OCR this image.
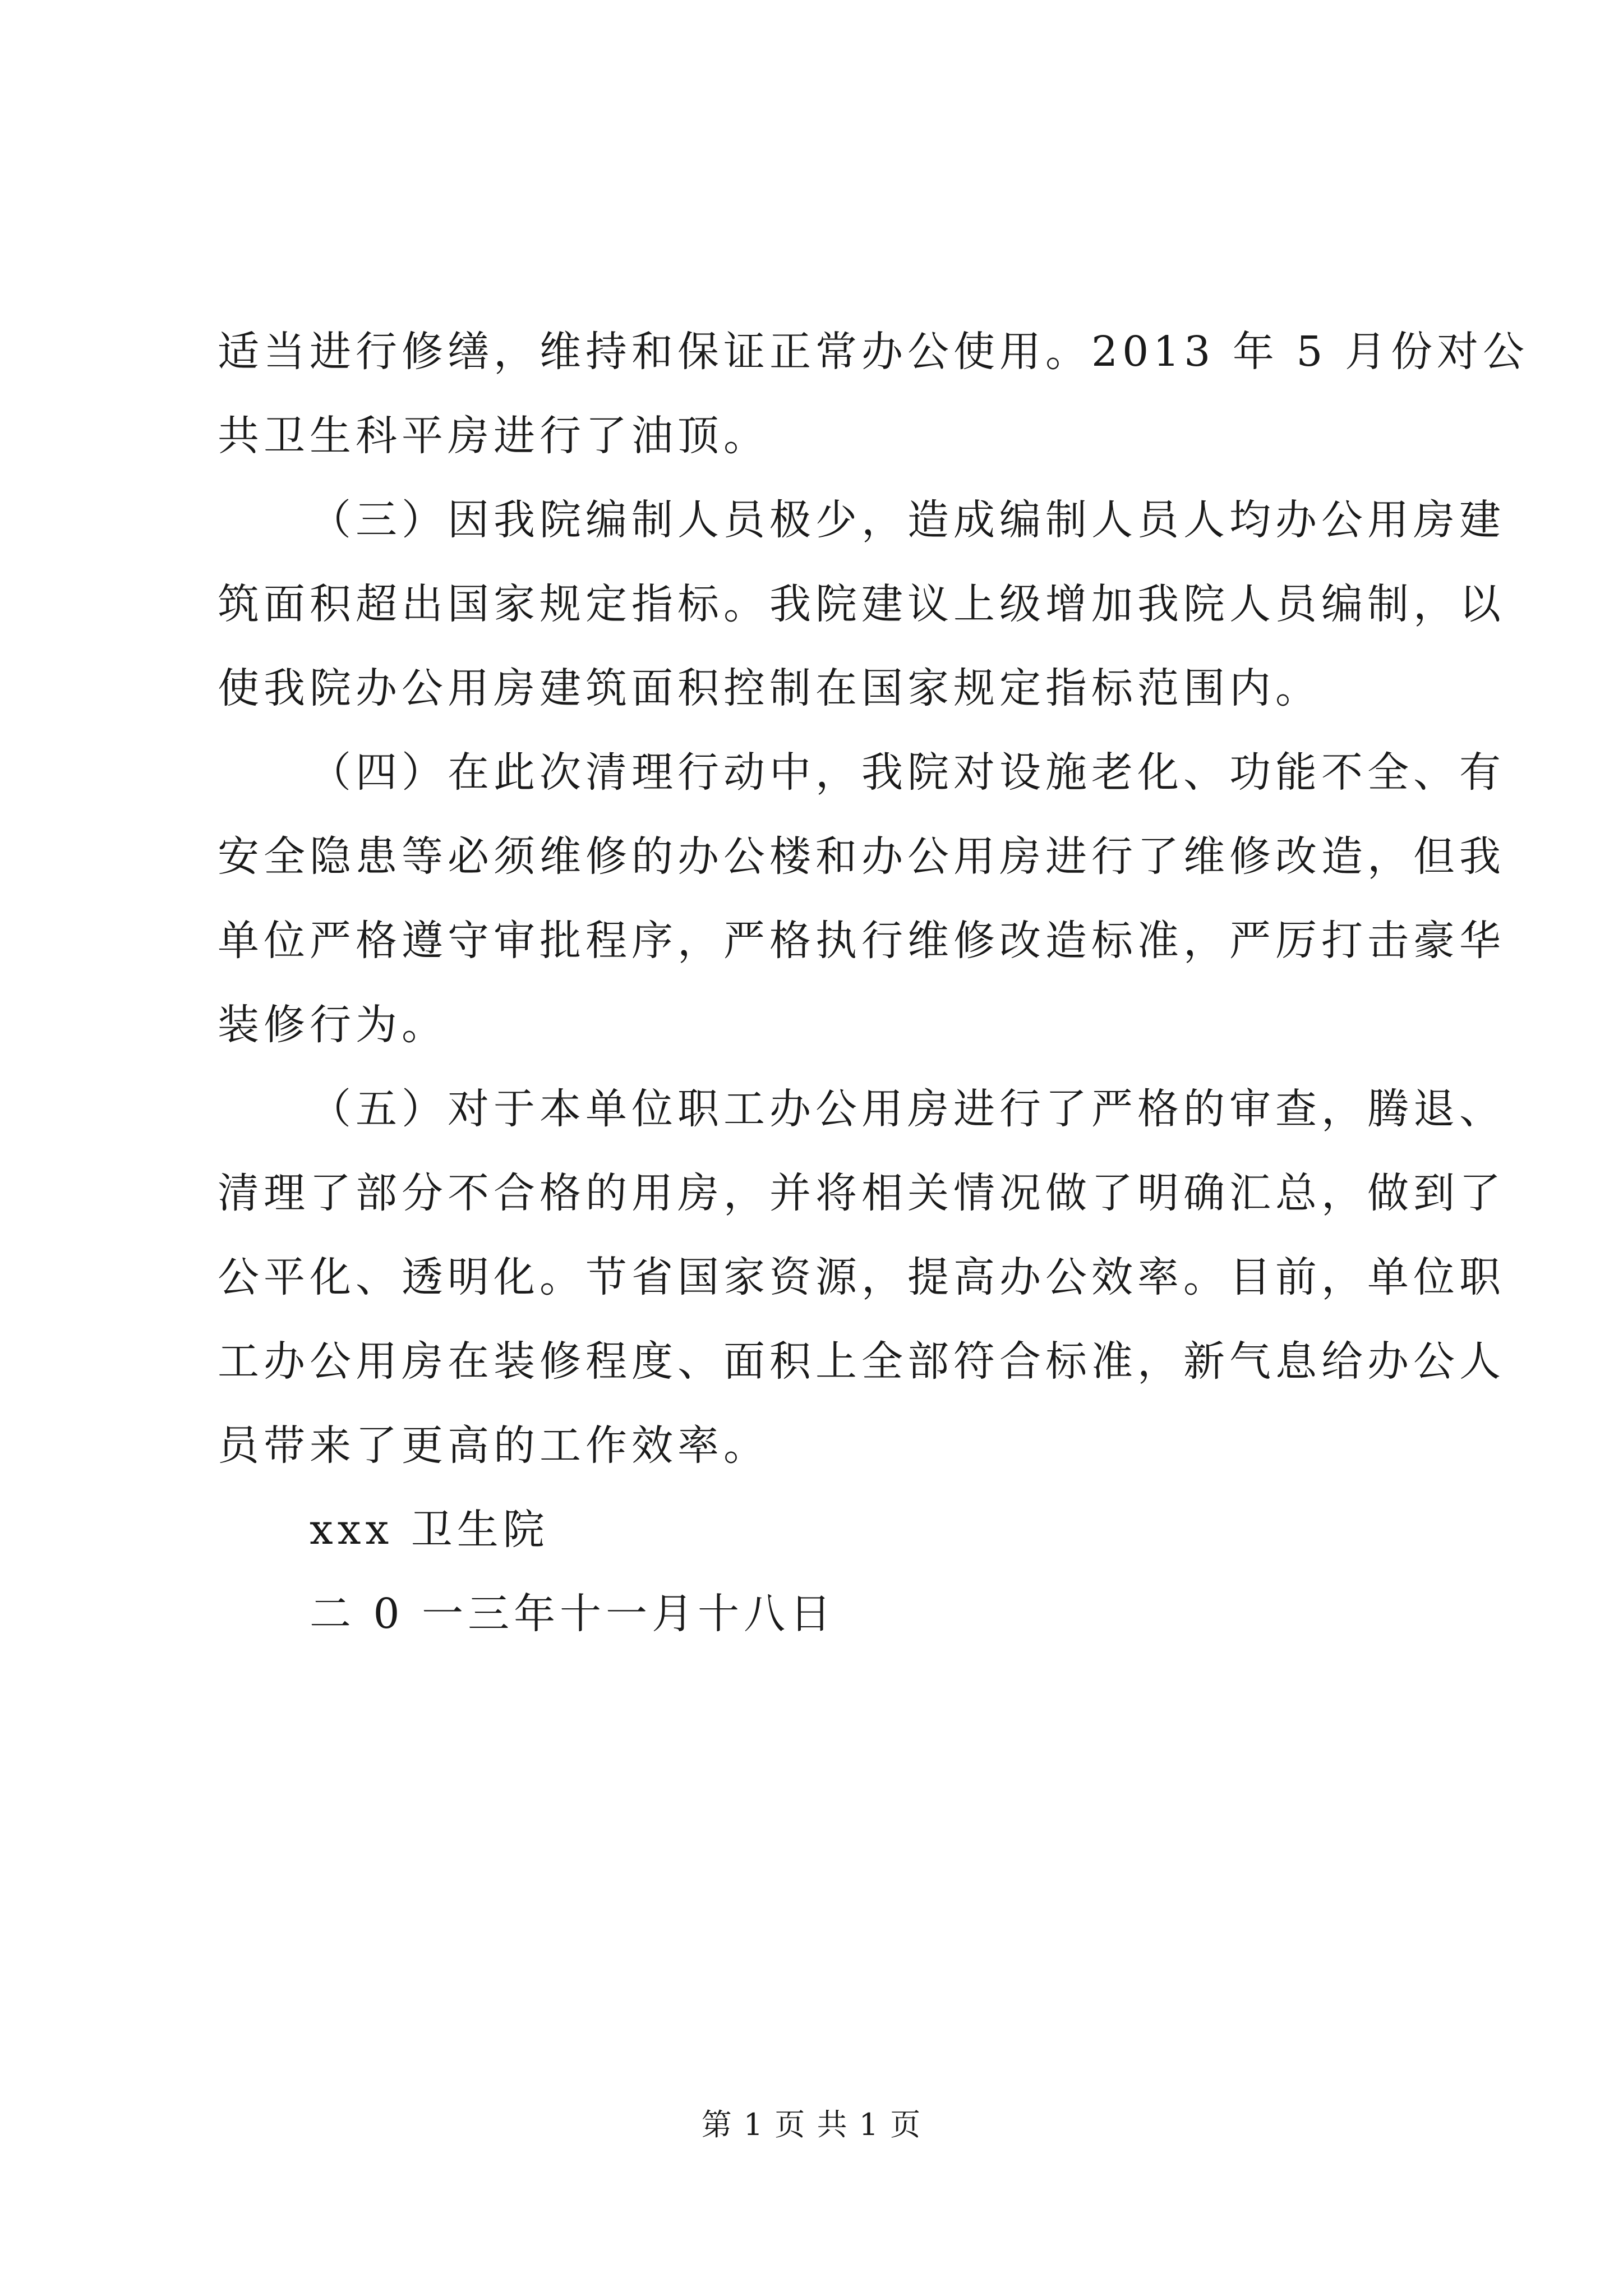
适当进行修缮，维持和保证正常办公使用。2013 年 5 月份对公
共卫生科平房进行了油顶。
（三）因我院编制人员极少，造成编制人员人均办公用房建
筑面积超出国家规定指标。我院建议上级增加我院人员编制，以
使我院办公用房建筑面积控制在国家规定指标范围内。
（四）在此次清理行动中，我院对设施老化、功能不全、有
安全隐患等必须维修的办公楼和办公用房进行了维修改造，但我
单位严格遵守审批程序，严格执行维修改造标准，严厉打击豪华
装修行为。
（五）对于本单位职工办公用房进行了严格的审查，腾退、
清理了部分不合格的用房，并将相关情况做了明确汇总，做到了
公平化、透明化。节省国家资源，提高办公效率。目前，单位职
工办公用房在装修程度、面积上全部符合标准，新气息给办公人
员带来了更高的工作效率。
xxx 卫生院
二 0 一三年十一月十八日
第 1 页 共 1 页
